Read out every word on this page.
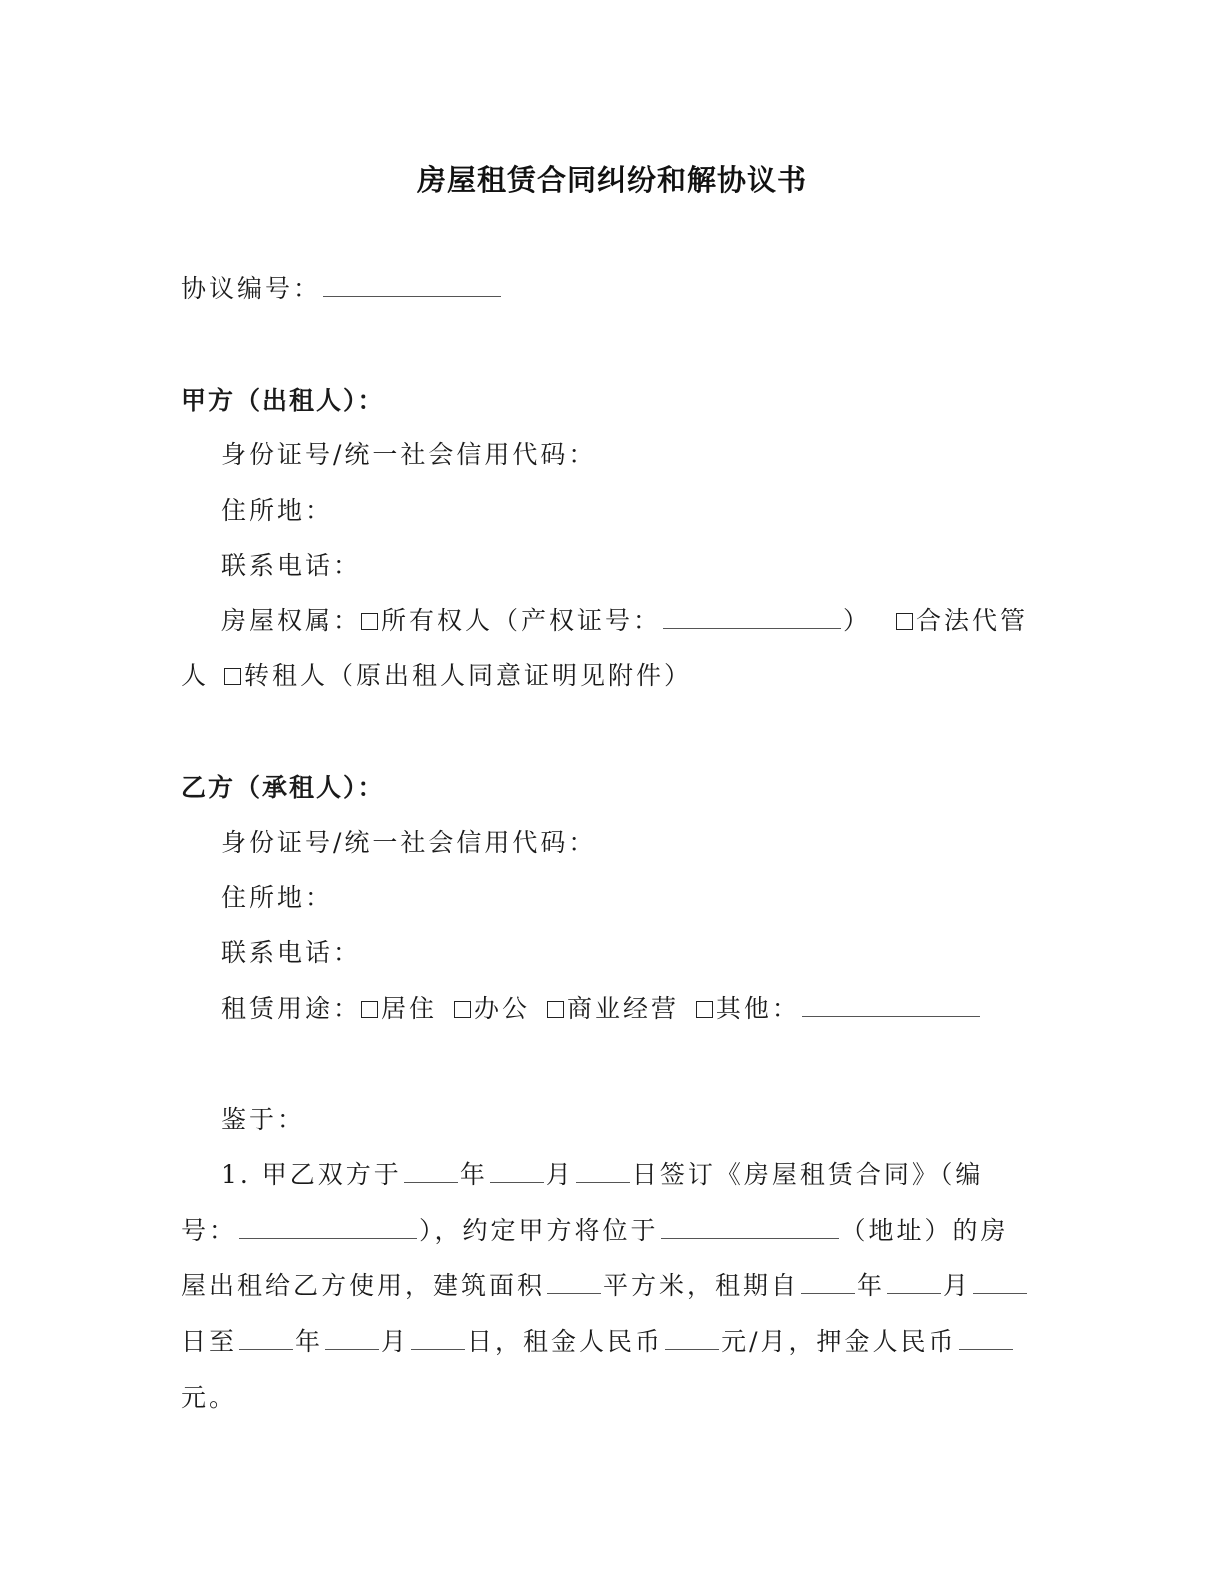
房屋租赁合同纠纷和解协议书
协议编号：
甲方（出租人）：
身份证号/统一社会信用代码：
住所地：
联系电话：
房屋权属： 所有权人（产权证号：	） 合法代管
人 转租人（原出租人同意证明见附件）
乙方（承租人）：
身份证号/统一社会信用代码：
住所地：
联系电话：
租赁用途： 居住 办公 商业经营 其他：
鉴于：
1. 甲乙双方于 年 月 日签订《房屋租赁合同》（编
号：	），约定甲方将位于	（地址）的房
屋出租给乙方使用，建筑面积 平方米，租期自 年 月
日至 年 月 日，租金人民币 元/月，押金人民币
元。
